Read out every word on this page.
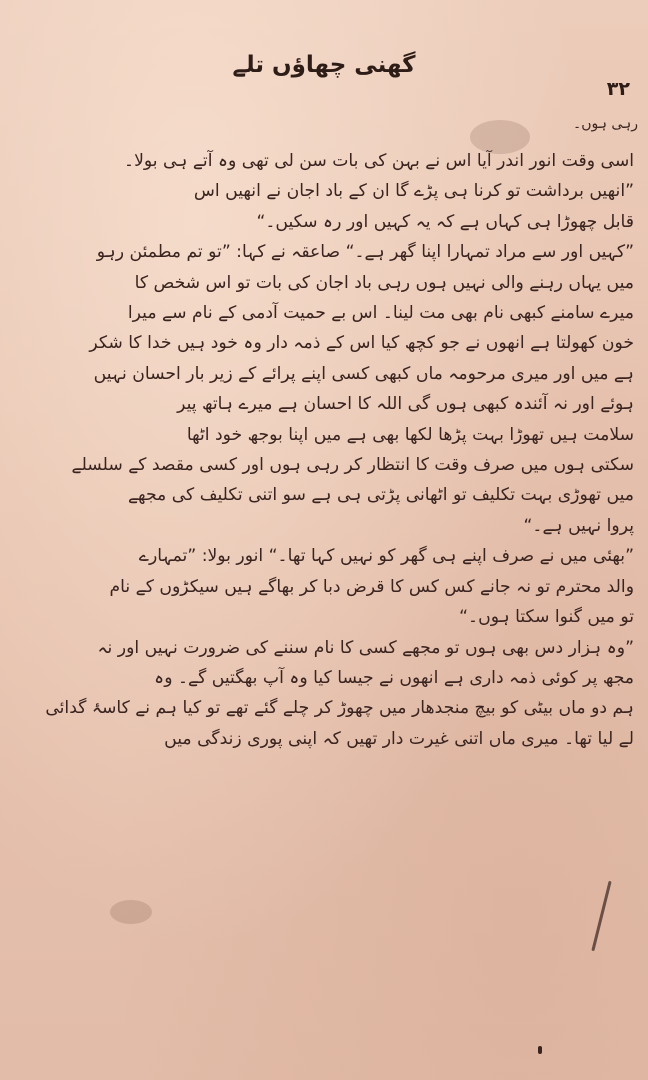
گھنی چھاؤں تلے
۳۲
رہی ہوں۔

اسی وقت انور اندر آیا اس نے بہن کی بات سن لی تھی وہ آتے ہی بولا۔
”انھیں برداشت تو کرنا ہی پڑے گا ان کے باد اجان نے انھیں اس
قابل چھوڑا ہی کہاں ہے کہ یہ کہیں اور رہ سکیں۔“

”کہیں اور سے مراد تمہارا اپنا گھر ہے۔“ صاعقہ نے کہا: ”تو تم مطمئن رہو
میں یہاں رہنے والی نہیں ہوں رہی باد اجان کی بات تو اس شخص کا
میرے سامنے کبھی نام بھی مت لینا۔ اس بے حمیت آدمی کے نام سے میرا
خون کھولتا ہے انھوں نے جو کچھ کیا اس کے ذمہ دار وہ خود ہیں خدا کا شکر
ہے میں اور میری مرحومہ ماں کبھی کسی اپنے پرائے کے زیر بار احسان نہیں
ہوئے اور نہ آئندہ کبھی ہوں گی اللہ کا احسان ہے میرے ہاتھ پیر
سلامت ہیں تھوڑا بہت پڑھا لکھا بھی ہے میں اپنا بوجھ خود اٹھا
سکتی ہوں میں صرف وقت کا انتظار کر رہی ہوں اور کسی مقصد کے سلسلے
میں تھوڑی بہت تکلیف تو اٹھانی پڑتی ہی ہے سو اتنی تکلیف کی مجھے
پروا نہیں ہے۔“

”بھئی میں نے صرف اپنے ہی گھر کو نہیں کہا تھا۔“ انور بولا: ”تمہارے
والد محترم تو نہ جانے کس کس کا قرض دبا کر بھاگے ہیں سیکڑوں کے نام
تو میں گنوا سکتا ہوں۔“

”وہ ہزار دس بھی ہوں تو مجھے کسی کا نام سننے کی ضرورت نہیں اور نہ
مجھ پر کوئی ذمہ داری ہے انھوں نے جیسا کیا وہ آپ بھگتیں گے۔ وہ
ہم دو ماں بیٹی کو بیچ منجدھار میں چھوڑ کر چلے گئے تھے تو کیا ہم نے کاسۂ گدائی
لے لیا تھا۔ میری ماں اتنی غیرت دار تھیں کہ اپنی پوری زندگی میں
